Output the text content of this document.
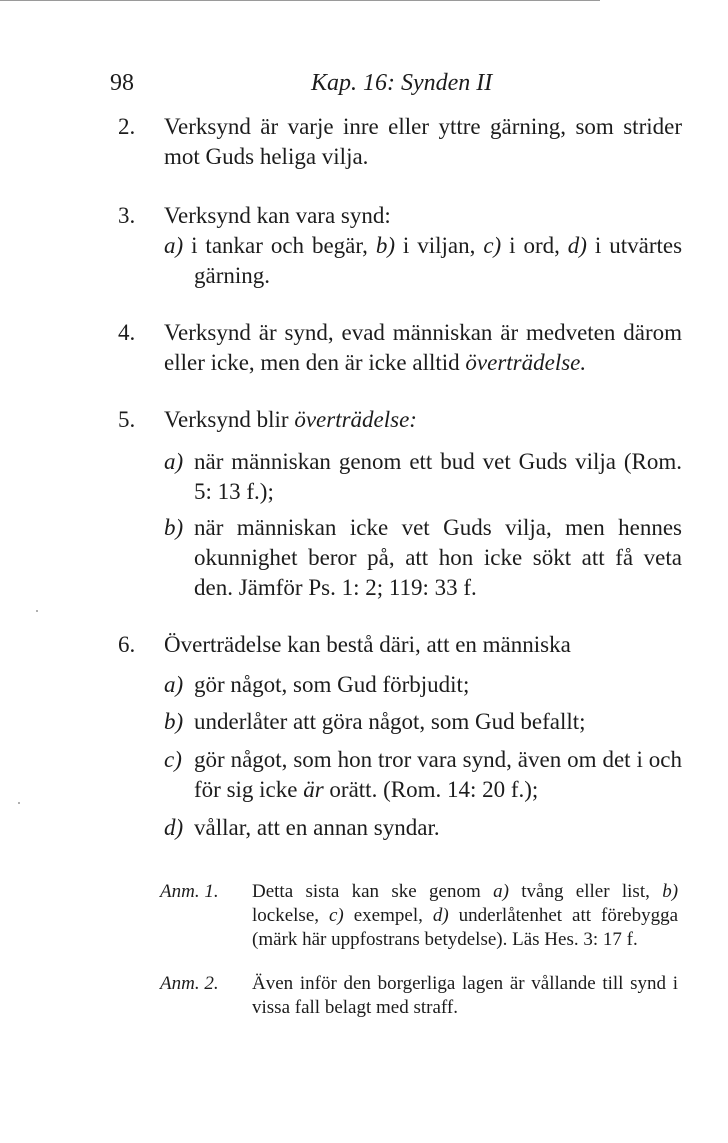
98	Kap. 16: Synden II
2.	Verksynd är varje inre eller yttre gärning, som strider mot Guds heliga vilja.
3.	Verksynd kan vara synd:
a) i tankar och begär, b) i viljan, c) i ord, d) i utvärtes gärning.
4.	Verksynd är synd, evad människan är medveten därom eller icke, men den är icke alltid överträdelse.
5.	Verksynd blir överträdelse:
a) när människan genom ett bud vet Guds vilja (Rom. 5: 13 f.);
b) när människan icke vet Guds vilja, men hennes okunnighet beror på, att hon icke sökt att få veta den. Jämför Ps. 1: 2; 119: 33 f.
6.	Överträdelse kan bestå däri, att en människa
a) gör något, som Gud förbjudit;
b) underlåter att göra något, som Gud befallt;
c) gör något, som hon tror vara synd, även om det i och för sig icke är orätt. (Rom. 14: 20 f.);
d) vållar, att en annan syndar.
Anm. 1. Detta sista kan ske genom a) tvång eller list, b) lockelse, c) exempel, d) underlåtenhet att förebygga (märk här uppfostrans betydelse). Läs Hes. 3: 17 f.
Anm. 2. Även inför den borgerliga lagen är vållande till synd i vissa fall belagt med straff.
